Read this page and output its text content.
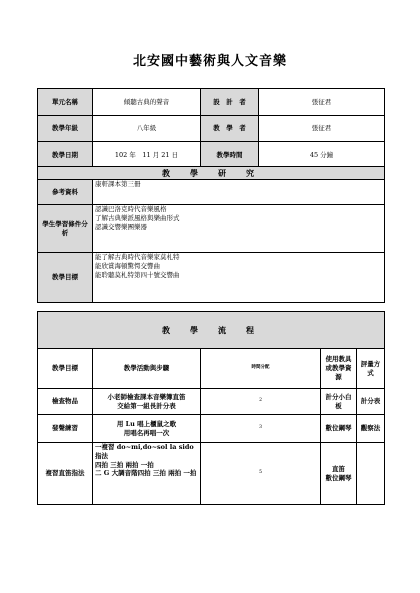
北安國中藝術與人文音樂
單元名稱	傾聽古典的聲音	設　計　者	張征君
教學年級	八年級	教　學　者	張征君
教學日期	102 年　11 月 21 日	教學時間	45 分鐘
教　學　研　究	
參考資料	康軒課本第三冊
學生學習條件分析	認識巴洛克時代音樂風格
了解古典樂派風格與樂曲形式
認識交響樂團樂器
教學目標	能了解古典時代音樂家莫札特
能欣賞海頓驚愕交響曲
能聆聽莫札特第四十號交響曲
教　學　流　程				
教學目標	教學活動與步驟	時間分配	使用教具或教學資源	評量方式
檢查物品	小老師檢查課本音樂簿直笛
交給第一組長計分表	2	計分小白板	計分表
發聲練習	用 Lu 唱上櫃鼠之歌
用唱名再唱一次	3	數位鋼琴	觀察法
複習直笛指法	一複習 do~mi,do~sol la sido 指法
四拍 三拍 兩拍 一拍
二 G 大調音階四拍 三拍 兩拍 一拍	5	直笛
數位鋼琴	
